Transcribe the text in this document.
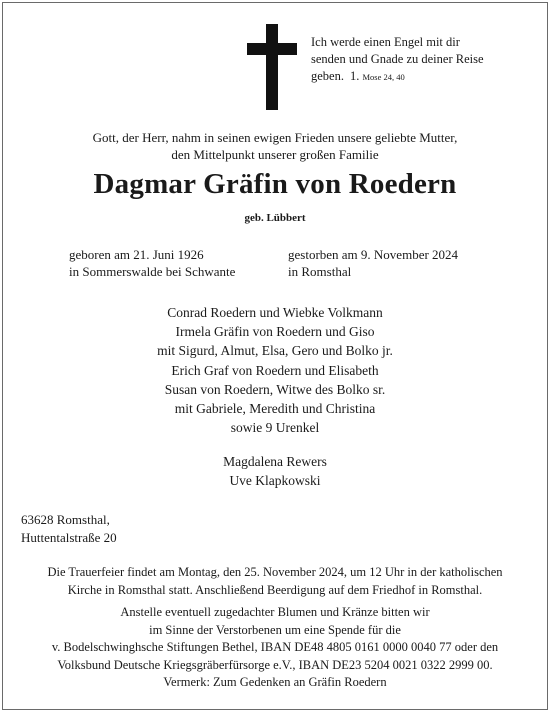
Ich werde einen Engel mit dir
senden und Gnade zu deiner Reise
geben. 1. Mose 24, 40
Gott, der Herr, nahm in seinen ewigen Frieden unsere geliebte Mutter,
den Mittelpunkt unserer großen Familie
Dagmar Gräfin von Roedern
geb. Lübbert
geboren am 21. Juni 1926
in Sommerswalde bei Schwante
gestorben am 9. November 2024
in Romsthal
Conrad Roedern und Wiebke Volkmann
Irmela Gräfin von Roedern und Giso
mit Sigurd, Almut, Elsa, Gero und Bolko jr.
Erich Graf von Roedern und Elisabeth
Susan von Roedern, Witwe des Bolko sr.
mit Gabriele, Meredith und Christina
sowie 9 Urenkel
Magdalena Rewers
Uve Klapkowski
63628 Romsthal,
Huttentalstraße 20
Die Trauerfeier findet am Montag, den 25. November 2024, um 12 Uhr in der katholischen
Kirche in Romsthal statt. Anschließend Beerdigung auf dem Friedhof in Romsthal.
Anstelle eventuell zugedachter Blumen und Kränze bitten wir
im Sinne der Verstorbenen um eine Spende für die
v. Bodelschwinghsche Stiftungen Bethel, IBAN DE48 4805 0161 0000 0040 77 oder den
Volksbund Deutsche Kriegsgräberfürsorge e.V., IBAN DE23 5204 0021 0322 2999 00.
Vermerk: Zum Gedenken an Gräfin Roedern
